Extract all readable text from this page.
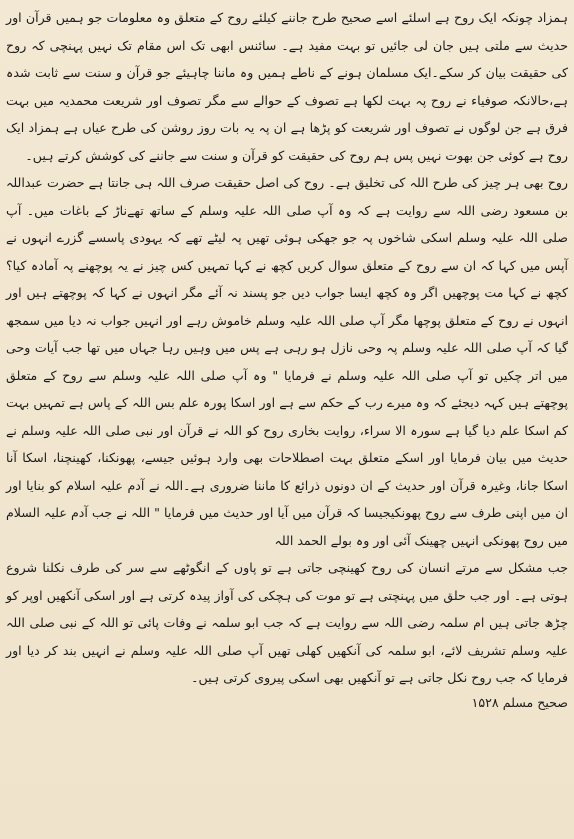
ہمزاد چونکہ ایک روح ہے اسلئے اسے صحیح طرح جاننے کیلئے روح کے متعلق وہ معلومات جو ہمیں قرآن اور حدیث سے ملتی ہیں جان لی جائیں تو بہت مفید ہے۔ سائنس ابھی تک اس مقام تک نہیں پہنچی کہ روح کی حقیقت بیان کر سکے۔ایک مسلمان ہونے کے ناطے ہمیں وہ ماننا چاہیئے جو قرآن و سنت سے ثابت شدہ ہے،حالانکہ صوفیاء نے روح پہ بہت لکھا ہے تصوف کے حوالے سے مگر تصوف اور شریعت محمدیہ میں بہت فرق ہے جن لوگوں نے تصوف اور شریعت کو پڑھا ہے ان پہ یہ بات روز روشن کی طرح عیاں ہے ہمزاد ایک روح ہے کوئی جن بھوت نہیں پس ہم روح کی حقیقت کو قرآن و سنت سے جاننے کی کوشش کرتے ہیں۔

روح بھی ہر چیز کی طرح اللہ کی تخلیق ہے۔ روح کی اصل حقیقت صرف اللہ ہی جانتا ہے حضرت عبداللہ بن مسعود رضی اللہ سے روایت ہے کہ وہ آپ صلی اللہ علیہ وسلم کے ساتھ تھےناڑ کے باغات میں۔ آپ صلی اللہ علیہ وسلم اسکی شاخوں پہ جو جھکی ہوئی تھیں پہ لیٹے تھے کہ یہودی پاسسے گزرے انہوں نے آپس میں کہا کہ ان سے روح کے متعلق سوال کریں کچھ نے کہا تمہیں کس چیز نے یہ پوچھنے پہ آمادہ کیا؟ کچھ نے کہا مت پوچھیں اگر وہ کچھ ایسا جواب دیں جو پسند نہ آئے مگر انہوں نے کہا کہ پوچھتے ہیں اور انہوں نے روح کے متعلق پوچھا مگر آپ صلی اللہ علیہ وسلم خاموش رہے اور انہیں جواب نہ دیا میں سمجھ گیا کہ آپ صلی اللہ علیہ وسلم پہ وحی نازل ہو رہی ہے پس میں وہیں رہا جہاں میں تھا جب آیات وحی میں اتر چکیں تو آپ صلی اللہ علیہ وسلم نے فرمایا " وہ آپ صلی اللہ علیہ وسلم سے روح کے متعلق پوچھتے ہیں کہہ دیجئے کہ وہ میرے رب کے حکم سے ہے اور اسکا پورہ علم بس اللہ کے پاس ہے تمہیں بہت کم اسکا علم دیا گیا ہے سورہ الا سراء، روایت بخاری روح کو اللہ نے قرآن اور نبی صلی اللہ علیہ وسلم نے حدیث میں بیان فرمایا اور اسکے متعلق بہت اصطلاحات بھی وارد ہوئیں جیسے، پھونکنا، کھینچنا، اسکا آنا اسکا جانا، وغیرہ قرآن اور حدیث کے ان دونوں ذرائع کا ماننا ضروری ہے۔اللہ نے آدم علیہ اسلام کو بنایا اور ان میں اپنی طرف سے روح پھونکیجیسا کہ قرآن میں آیا اور حدیث میں فرمایا " اللہ نے جب آدم علیہ السلام میں روح پھونکی انہیں چھینک آئی اور وہ بولے الحمد اللہ

جب مشکل سے مرتے انسان کی روح کھینچی جاتی ہے تو پاوں کے انگوٹھے سے سر کی طرف نکلنا شروع ہوتی ہے۔ اور جب حلق میں پہنچتی ہے تو موت کی ہچکی کی آواز پیدہ کرتی ہے اور اسکی آنکھیں اوپر کو چڑھ جاتی ہیں ام سلمہ رضی اللہ سے روایت ہے کہ جب ابو سلمہ نے وفات پائی تو اللہ کے نبی صلی اللہ علیہ وسلم تشریف لائے، ابو سلمہ کی آنکھیں کھلی تھیں آپ صلی اللہ علیہ وسلم نے انہیں بند کر دیا اور فرمایا کہ جب روح نکل جاتی ہے تو آنکھیں بھی اسکی پیروی کرتی ہیں۔

صحیح مسلم ۱۵۲۸
